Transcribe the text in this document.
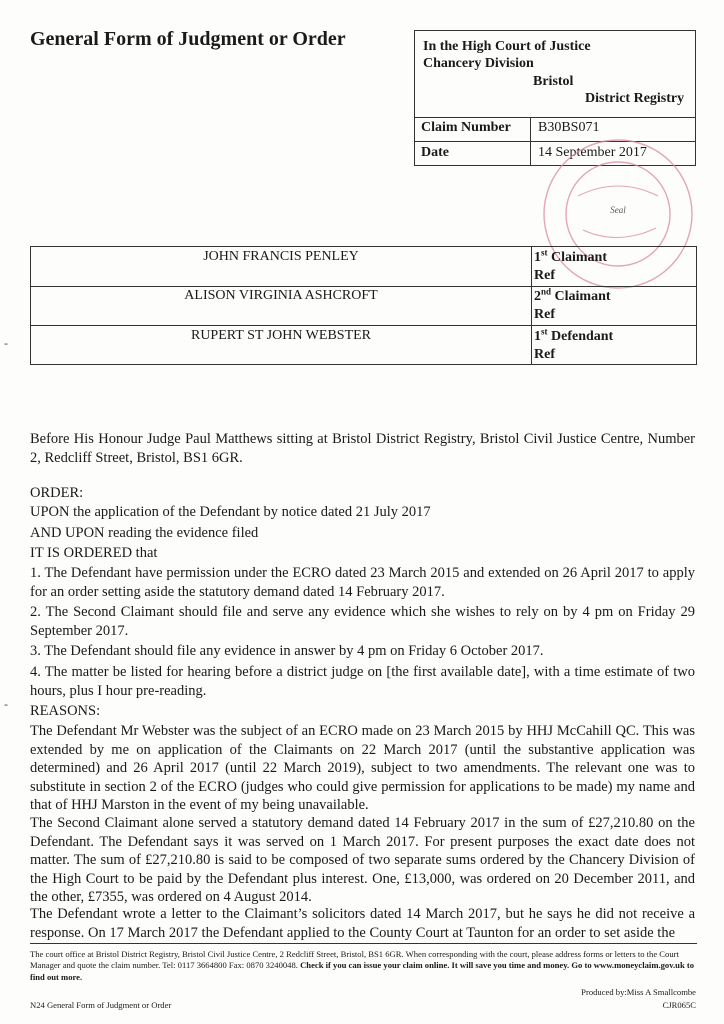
General Form of Judgment or Order	In the High Court of Justice
Chancery Division
Bristol
District Registry
Claim Number B30BS071
Date	14 September 2017
Seal
JOHN FRANCIS PENLEY	1st Claimant
Ref
ALISON VIRGINIA ASHCROFT	2nd Claimant
Ref
RUPERT ST JOHN WEBSTER	1st Defendant
Ref
Before His Honour Judge Paul Matthews sitting at Bristol District Registry, Bristol Civil Justice Centre, Number 2, Redcliff Street, Bristol, BS1 6GR.
ORDER:
UPON the application of the Defendant by notice dated 21 July 2017
AND UPON reading the evidence filed
IT IS ORDERED that
1. The Defendant have permission under the ECRO dated 23 March 2015 and extended on 26 April 2017 to apply for an order setting aside the statutory demand dated 14 February 2017.
2. The Second Claimant should file and serve any evidence which she wishes to rely on by 4 pm on Friday 29 September 2017.
3. The Defendant should file any evidence in answer by 4 pm on Friday 6 October 2017.
4. The matter be listed for hearing before a district judge on [the first available date], with a time estimate of two hours, plus I hour pre-reading.
REASONS:
The Defendant Mr Webster was the subject of an ECRO made on 23 March 2015 by HHJ McCahill QC. This was extended by me on application of the Claimants on 22 March 2017 (until the substantive application was determined) and 26 April 2017 (until 22 March 2019), subject to two amendments. The relevant one was to substitute in section 2 of the ECRO (judges who could give permission for applications to be made) my name and that of HHJ Marston in the event of my being unavailable.
The Second Claimant alone served a statutory demand dated 14 February 2017 in the sum of £27,210.80 on the Defendant. The Defendant says it was served on 1 March 2017. For present purposes the exact date does not matter. The sum of £27,210.80 is said to be composed of two separate sums ordered by the Chancery Division of the High Court to be paid by the Defendant plus interest. One, £13,000, was ordered on 20 December 2011, and the other, £7355, was ordered on 4 August 2014.
The Defendant wrote a letter to the Claimant’s solicitors dated 14 March 2017, but he says he did not receive a response. On 17 March 2017 the Defendant applied to the County Court at Taunton for an order to set aside the
-
-
The court office at Bristol District Registry, Bristol Civil Justice Centre, 2 Redcliff Street, Bristol, BS1 6GR. When corresponding with the court, please address forms or letters to the Court Manager and quote the claim number. Tel: 0117 3664800 Fax: 0870 3240048. Check if you can issue your claim online. It will save you time and money. Go to www.moneyclaim.gov.uk to find out more.
Produced by:Miss A Smallcombe
CJR065C
N24 General Form of Judgment or Order
